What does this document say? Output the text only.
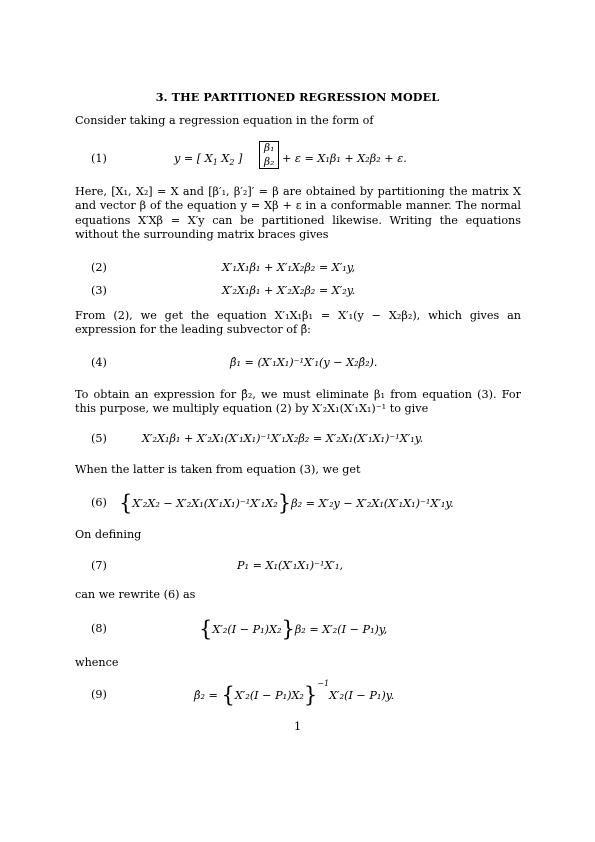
3. THE PARTITIONED REGRESSION MODEL
Consider taking a regression equation in the form of
(1)	y = [ $X_1$ $X_2$ ]
β₁
β₂ + ε = X₁β₁ + X₂β₂ + ε.
Here, [X₁, X₂] = X and [β′₁, β′₂]′ = β are obtained by partitioning the matrix X and vector β of the equation y = Xβ + ε in a conformable manner. The normal equations X′Xβ = X′y can be partitioned likewise. Writing the equations without the surrounding matrix braces gives
(2)	X′₁X₁β₁ + X′₁X₂β₂ = X′₁y,
(3)	X′₂X₁β₁ + X′₂X₂β₂ = X′₂y.
From (2), we get the equation X′₁X₁β₁ = X′₁(y − X₂β₂), which gives an expression for the leading subvector of β̂:
(4)	β̂₁ = (X′₁X₁)⁻¹X′₁(y − X₂β̂₂).
To obtain an expression for β̂₂, we must eliminate β₁ from equation (3). For this purpose, we multiply equation (2) by X′₂X₁(X′₁X₁)⁻¹ to give
(5)	X′₂X₁β₁ + X′₂X₁(X′₁X₁)⁻¹X′₁X₂β₂ = X′₂X₁(X′₁X₁)⁻¹X′₁y.
When the latter is taken from equation (3), we get
(6) {X′₂X₂ − X′₂X₁(X′₁X₁)⁻¹X′₁X₂}β₂ = X′₂y − X′₂X₁(X′₁X₁)⁻¹X′₁y.
On defining
(7)	P₁ = X₁(X′₁X₁)⁻¹X′₁,
can we rewrite (6) as
(8)	{X′₂(I − P₁)X₂}β₂ = X′₂(I − P₁)y,
whence
(9)	β̂₂ = $\{X'_2(I - P_1)X_2\}^{-1}X'_2(I - P_1)y$.
1
